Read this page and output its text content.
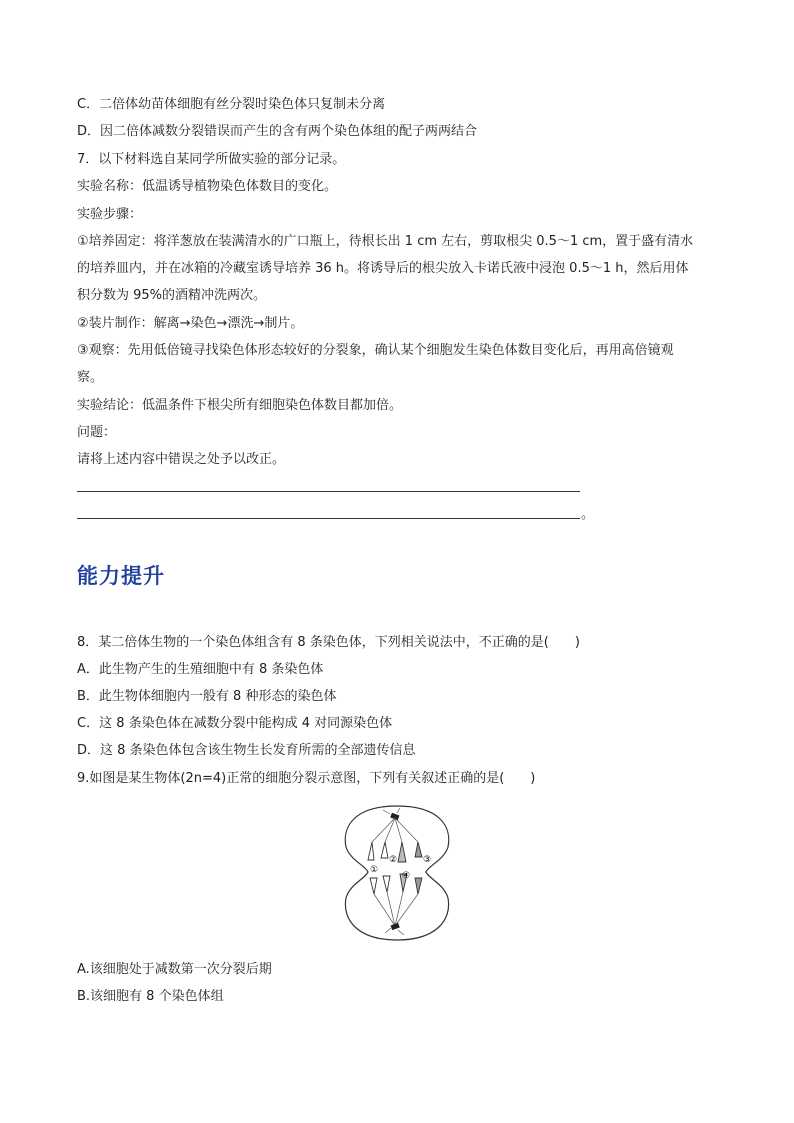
C．二倍体幼苗体细胞有丝分裂时染色体只复制未分离
D．因二倍体减数分裂错误而产生的含有两个染色体组的配子两两结合
7．以下材料选自某同学所做实验的部分记录。
实验名称：低温诱导植物染色体数目的变化。
实验步骤：
①培养固定：将洋葱放在装满清水的广口瓶上，待根长出 1 cm 左右，剪取根尖 0.5～1 cm，置于盛有清水
的培养皿内，并在冰箱的冷藏室诱导培养 36 h。将诱导后的根尖放入卡诺氏液中浸泡 0.5～1 h，然后用体
积分数为 95%的酒精冲洗两次。
②装片制作：解离→染色→漂洗→制片。
③观察：先用低倍镜寻找染色体形态较好的分裂象，确认某个细胞发生染色体数目变化后，再用高倍镜观
察。
实验结论：低温条件下根尖所有细胞染色体数目都加倍。
问题：
请将上述内容中错误之处予以改正。
。
能力提升
8．某二倍体生物的一个染色体组含有 8 条染色体，下列相关说法中，不正确的是(　　)
A．此生物产生的生殖细胞中有 8 条染色体
B．此生物体细胞内一般有 8 种形态的染色体
C．这 8 条染色体在减数分裂中能构成 4 对同源染色体
D．这 8 条染色体包含该生物生长发育所需的全部遗传信息
9.如图是某生物体(2n=4)正常的细胞分裂示意图，下列有关叙述正确的是(　　)
①
②	③
④
A.该细胞处于减数第一次分裂后期
B.该细胞有 8 个染色体组
